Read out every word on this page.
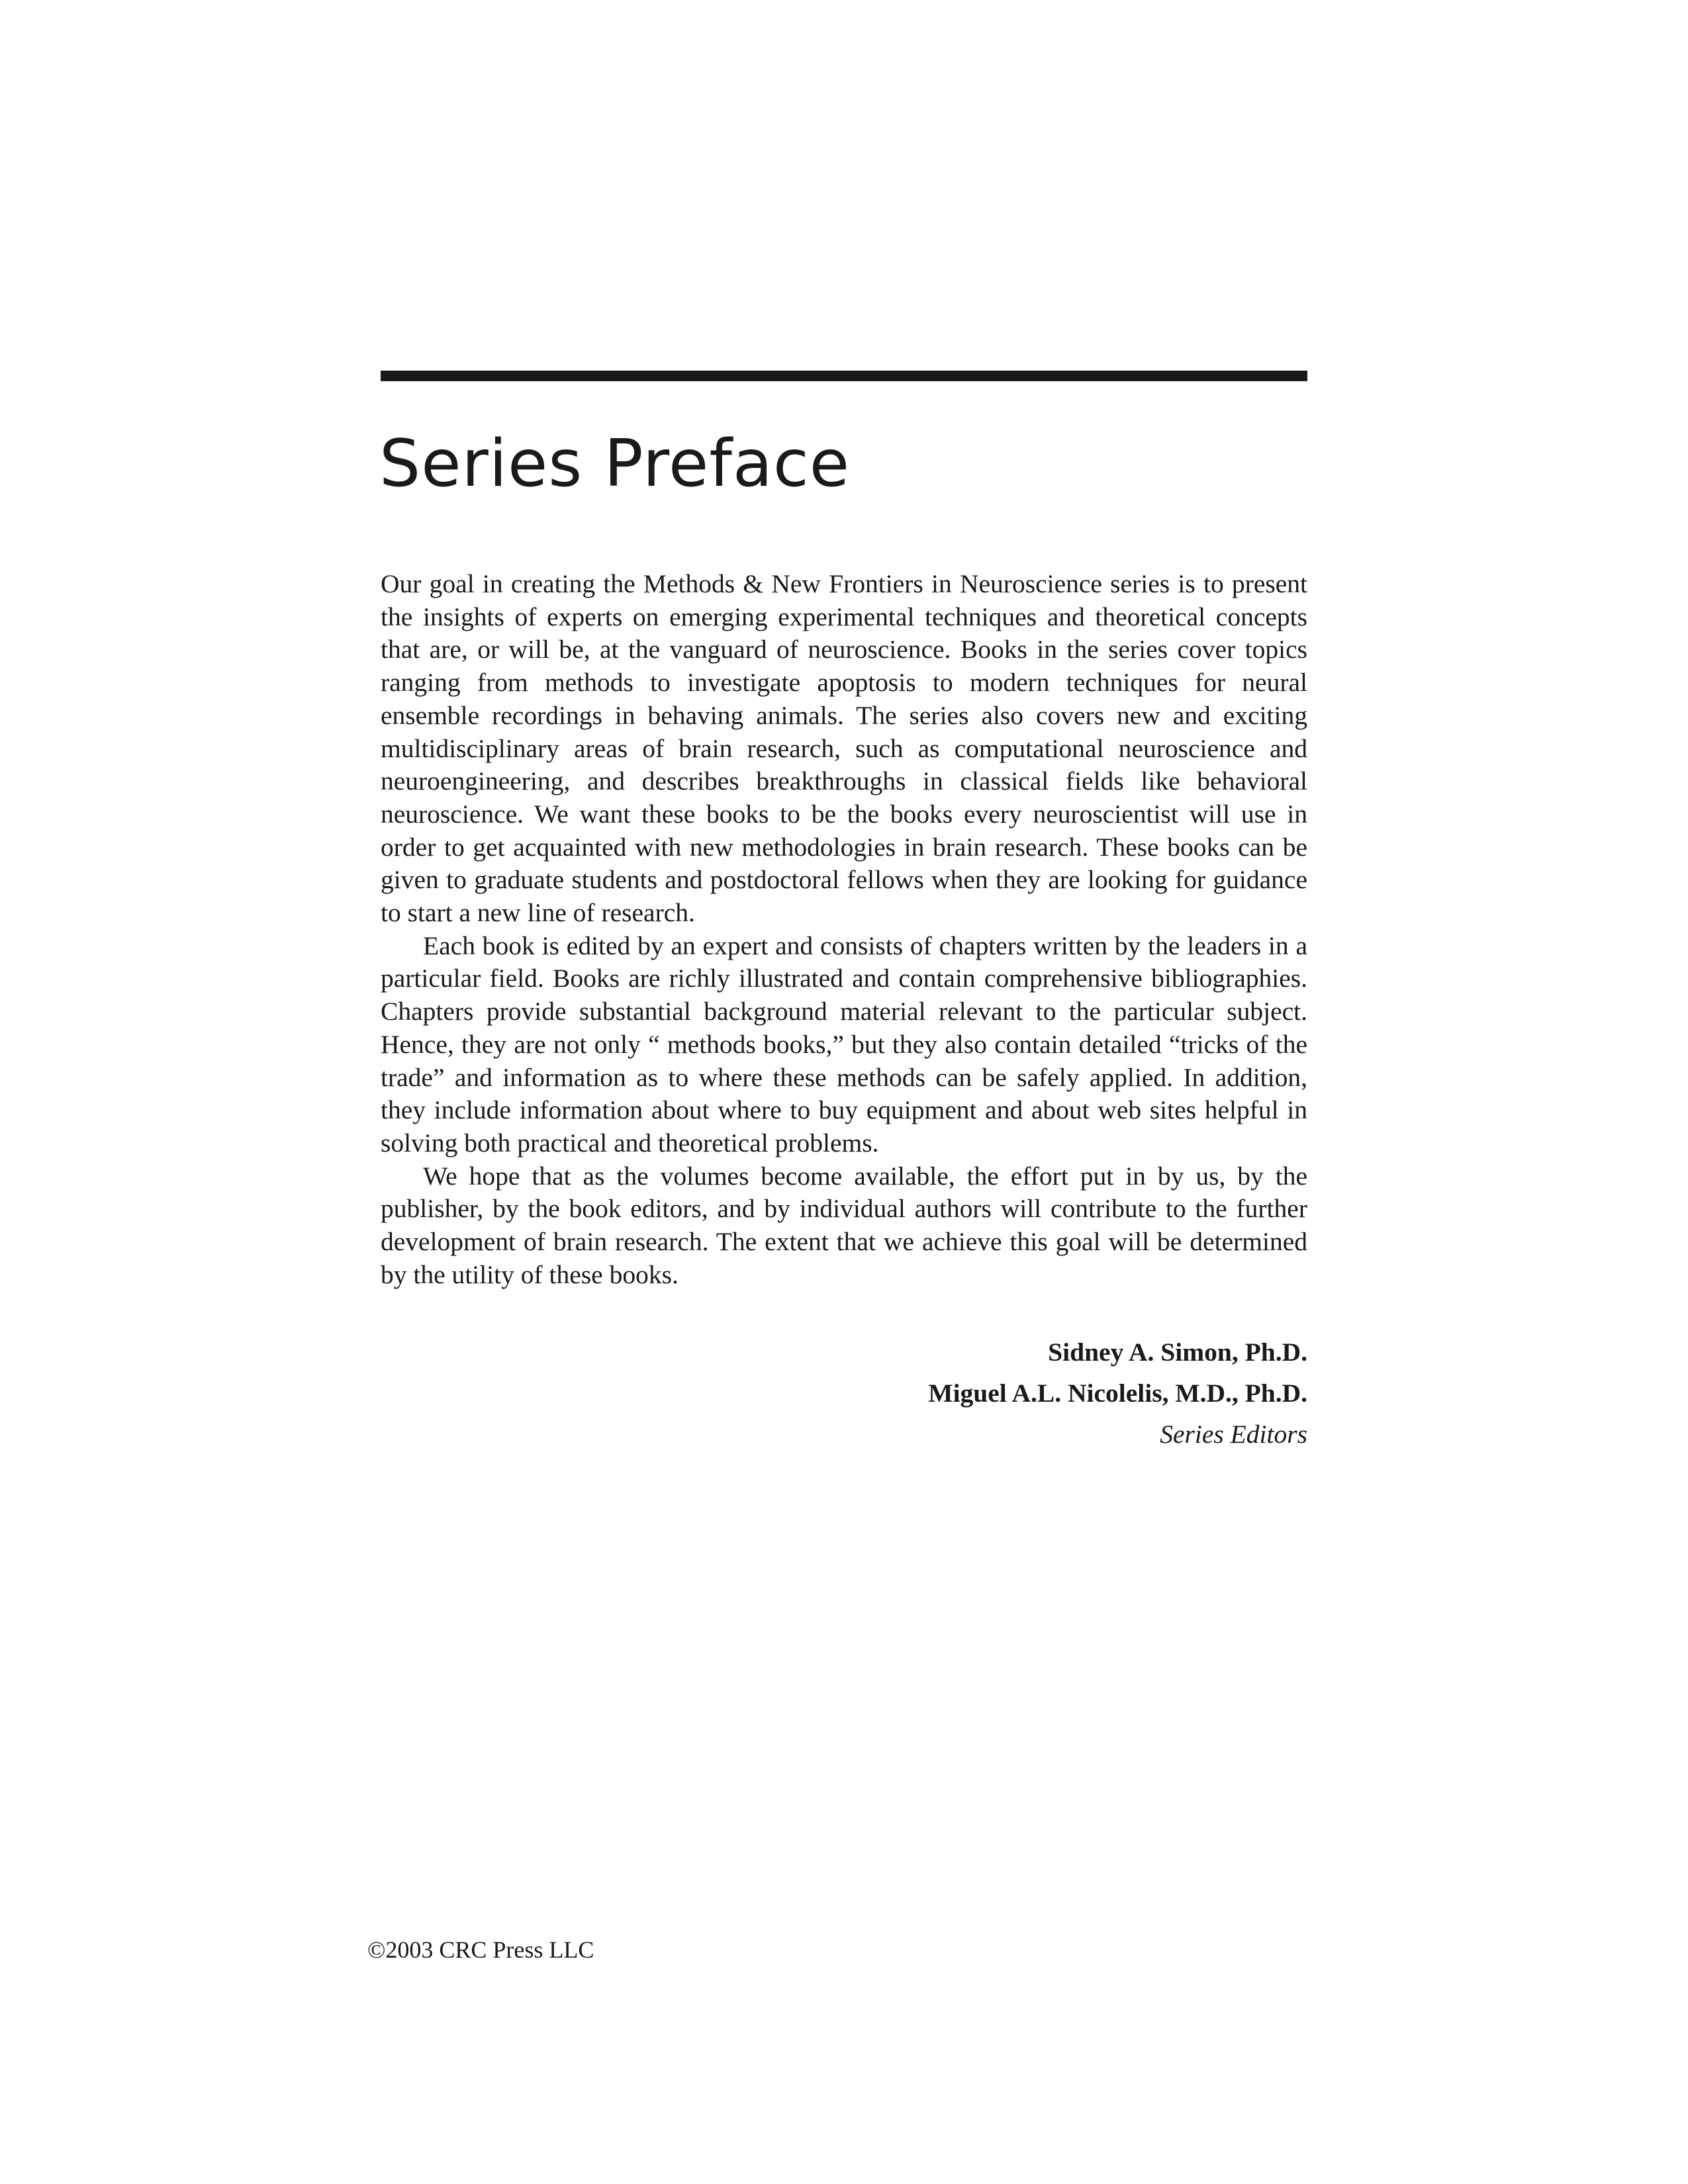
Series Preface

Our goal in creating the Methods & New Frontiers in Neuroscience series is to present the insights of experts on emerging experimental techniques and theoretical concepts that are, or will be, at the vanguard of neuroscience. Books in the series cover topics ranging from methods to investigate apoptosis to modern techniques for neural ensemble recordings in behaving animals. The series also covers new and exciting multidisciplinary areas of brain research, such as computational neuroscience and neuroengineering, and describes breakthroughs in classical fields like behavioral neuroscience. We want these books to be the books every neuroscientist will use in order to get acquainted with new methodologies in brain research. These books can be given to graduate students and postdoctoral fellows when they are looking for guidance to start a new line of research.

Each book is edited by an expert and consists of chapters written by the leaders in a particular field. Books are richly illustrated and contain comprehensive bibliographies. Chapters provide substantial background material relevant to the particular subject. Hence, they are not only “ methods books,” but they also contain detailed “tricks of the trade” and information as to where these methods can be safely applied. In addition, they include information about where to buy equipment and about web sites helpful in solving both practical and theoretical problems.

We hope that as the volumes become available, the effort put in by us, by the publisher, by the book editors, and by individual authors will contribute to the further development of brain research. The extent that we achieve this goal will be determined by the utility of these books.

Sidney A. Simon, Ph.D.
Miguel A.L. Nicolelis, M.D., Ph.D.
Series Editors
©2003 CRC Press LLC
